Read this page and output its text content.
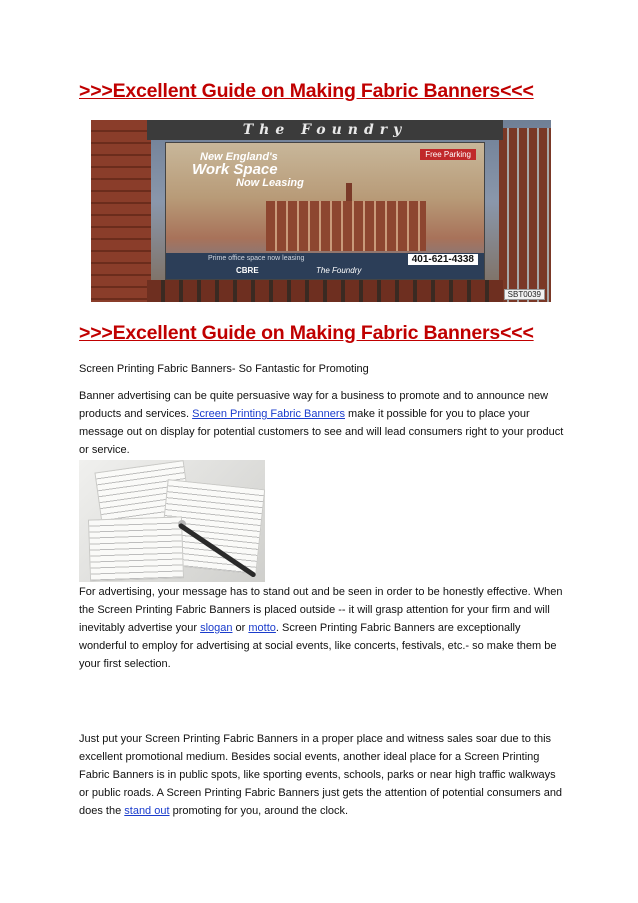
>>>Excellent Guide on Making Fabric Banners<<<
The Foundry
New England's
Work Space
Now Leasing
Free Parking
Prime office space now leasing	401-621-4338
CBRE	The Foundry
SBT0039
>>>Excellent Guide on Making Fabric Banners<<<

Screen Printing Fabric Banners- So Fantastic for Promoting

Banner advertising can be quite persuasive way for a business to promote and to announce new products and services. Screen Printing Fabric Banners make it possible for you to place your message out on display for potential customers to see and will lead consumers right to your product or service.

For advertising, your message has to stand out and be seen in order to be honestly effective. When the Screen Printing Fabric Banners is placed outside -- it will grasp attention for your firm and will inevitably advertise your slogan or motto. Screen Printing Fabric Banners are exceptionally wonderful to employ for advertising at social events, like concerts, festivals, etc.- so make them be your first selection.

Just put your Screen Printing Fabric Banners in a proper place and witness sales soar due to this excellent promotional medium. Besides social events, another ideal place for a Screen Printing Fabric Banners is in public spots, like sporting events, schools, parks or near high traffic walkways or public roads. A Screen Printing Fabric Banners just gets the attention of potential consumers and does the stand out promoting for you, around the clock.
